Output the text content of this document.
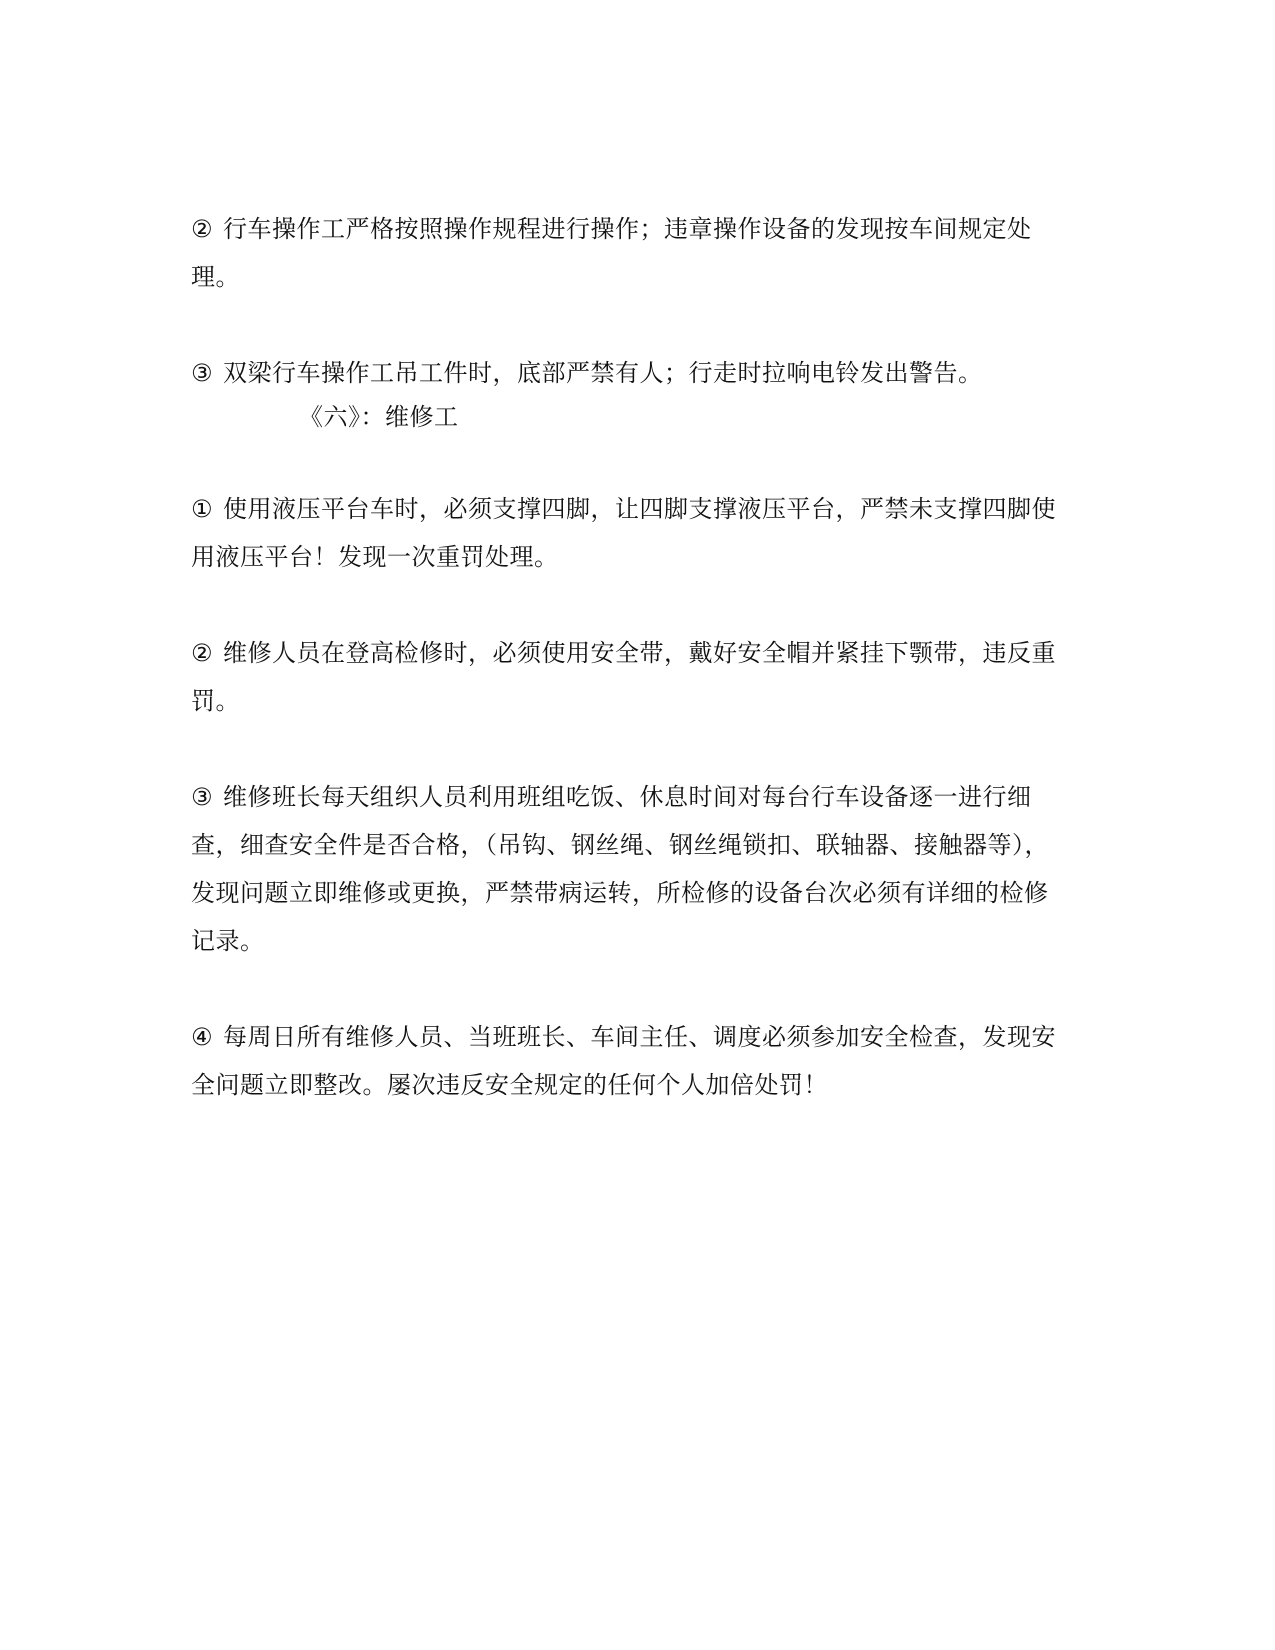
② 行车操作工严格按照操作规程进行操作；违章操作设备的发现按车间规定处理。

③ 双梁行车操作工吊工件时，底部严禁有人；行走时拉响电铃发出警告。

《六》：维修工

① 使用液压平台车时，必须支撑四脚，让四脚支撑液压平台，严禁未支撑四脚使用液压平台！发现一次重罚处理。

② 维修人员在登高检修时，必须使用安全带，戴好安全帽并紧挂下颚带，违反重罚。

③ 维修班长每天组织人员利用班组吃饭、休息时间对每台行车设备逐一进行细查，细查安全件是否合格，（吊钩、钢丝绳、钢丝绳锁扣、联轴器、接触器等），发现问题立即维修或更换，严禁带病运转，所检修的设备台次必须有详细的检修记录。

④ 每周日所有维修人员、当班班长、车间主任、调度必须参加安全检查，发现安全问题立即整改。屡次违反安全规定的任何个人加倍处罚！
